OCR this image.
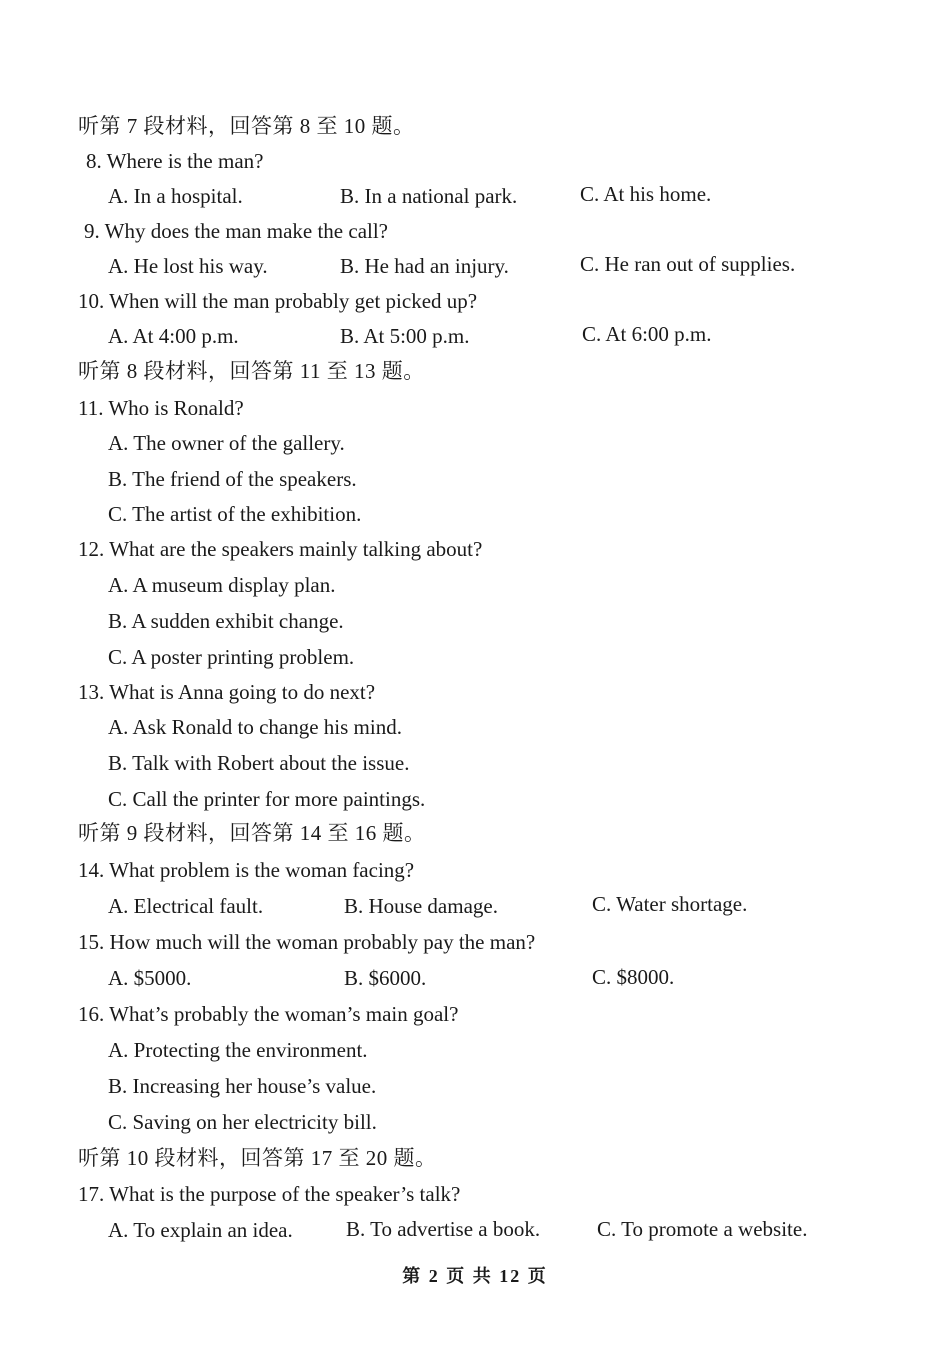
听第 7 段材料，回答第 8 至 10 题。
8. Where is the man?
A. In a hospital.	B. In a national park.	C. At his home.
9. Why does the man make the call?
A. He lost his way.	B. He had an injury.	C. He ran out of supplies.
10. When will the man probably get picked up?
A. At 4:00 p.m.	B. At 5:00 p.m.	C. At 6:00 p.m.
听第 8 段材料，回答第 11 至 13 题。
11. Who is Ronald?
A. The owner of the gallery.
B. The friend of the speakers.
C. The artist of the exhibition.
12. What are the speakers mainly talking about?
A. A museum display plan.
B. A sudden exhibit change.
C. A poster printing problem.
13. What is Anna going to do next?
A. Ask Ronald to change his mind.
B. Talk with Robert about the issue.
C. Call the printer for more paintings.
听第 9 段材料，回答第 14 至 16 题。
14. What problem is the woman facing?
A. Electrical fault.	B. House damage.	C. Water shortage.
15. How much will the woman probably pay the man?
A. $5000.	B. $6000.	C. $8000.
16. What’s probably the woman’s main goal?
A. Protecting the environment.
B. Increasing her house’s value.
C. Saving on her electricity bill.
听第 10 段材料，回答第 17 至 20 题。
17. What is the purpose of the speaker’s talk?
A. To explain an idea.	B. To advertise a book.	C. To promote a website.
第 2 页 共 12 页
